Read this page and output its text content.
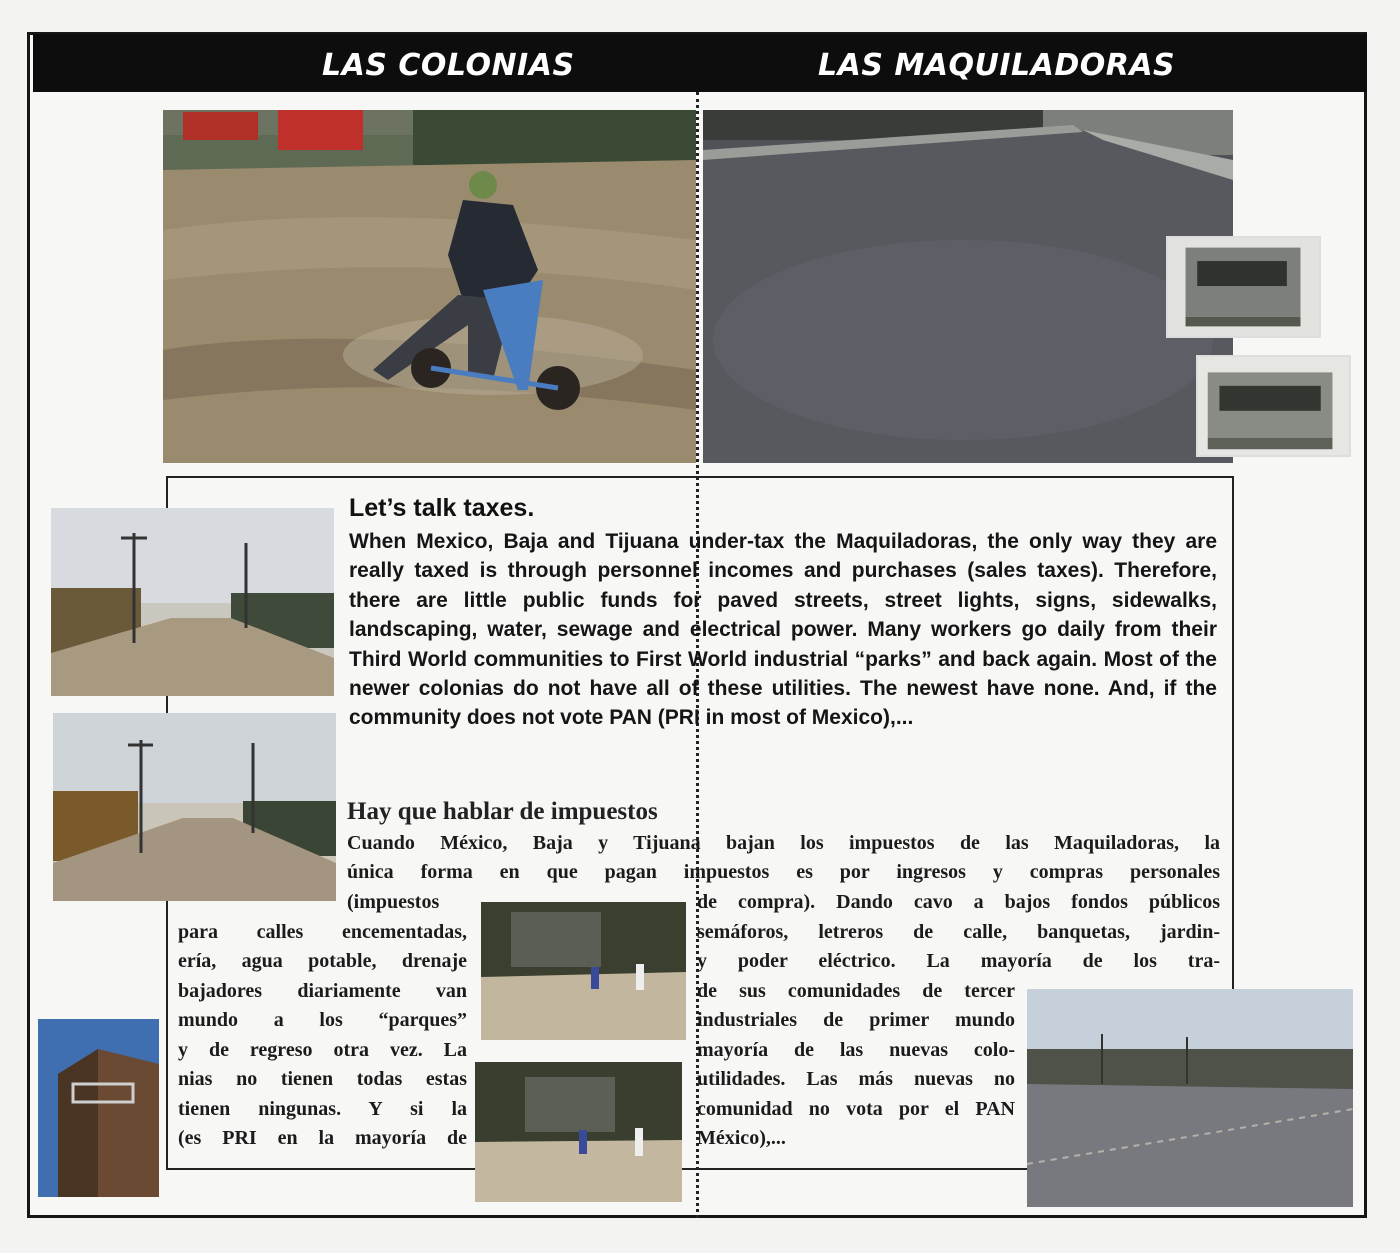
LAS COLONIAS	LAS MAQUILADORAS
Let’s talk taxes.
When Mexico, Baja and Tijuana under-tax the Maquiladoras, the only way they are really taxed is through personnel incomes and purchases (sales taxes). Therefore, there are little public funds for paved streets, street lights, signs, sidewalks, landscaping, water, sewage and electrical power. Many workers go daily from their Third World communities to First World industrial “parks” and back again. Most of the newer colonias do not have all of these utilities. The newest have none. And, if the community does not vote PAN (PRI in most of Mexico),...
Hay que hablar de impuestos
Cuando México, Baja y Tijuana bajan los impuestos de las Maquiladoras, la
única forma en que pagan impuestos es por ingresos y compras personales
(impuestos
para calles encementadas,
ería, agua potable, drenaje
bajadores diariamente van
mundo a los “parques”
y de regreso otra vez. La
nias no tienen todas estas
tienen ningunas. Y si la
(es PRI en la mayoría de
de compra). Dando cavo a bajos fondos públicos
semáforos, letreros de calle, banquetas, jardin-
y poder eléctrico. La mayoría de los tra-
de sus comunidades de tercer
industriales de primer mundo
mayoría de las nuevas colo-
utilidades. Las más nuevas no
comunidad no vota por el PAN
México),...
